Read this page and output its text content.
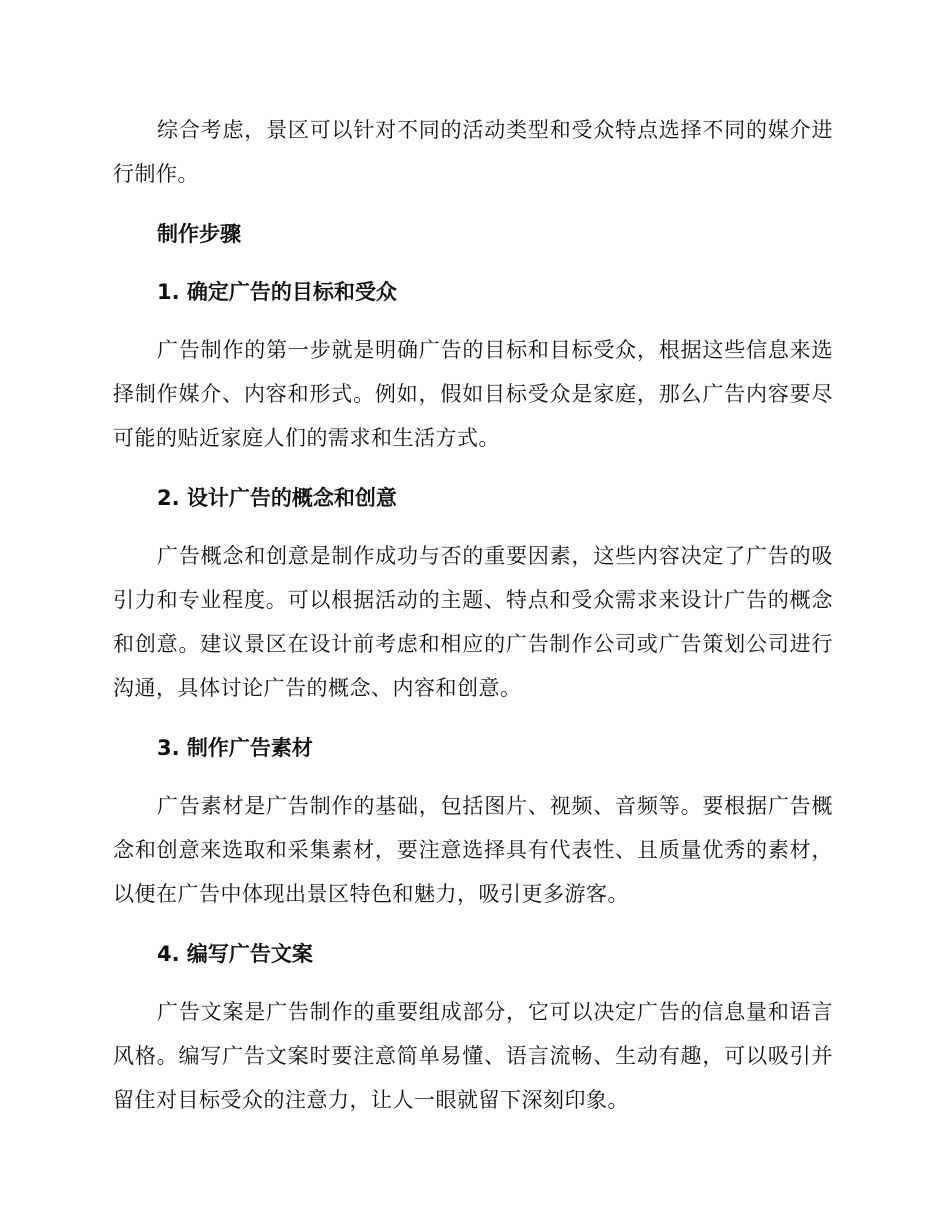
综合考虑，景区可以针对不同的活动类型和受众特点选择不同的媒介进行制作。

制作步骤
1. 确定广告的目标和受众

广告制作的第一步就是明确广告的目标和目标受众，根据这些信息来选择制作媒介、内容和形式。例如，假如目标受众是家庭，那么广告内容要尽可能的贴近家庭人们的需求和生活方式。

2. 设计广告的概念和创意

广告概念和创意是制作成功与否的重要因素，这些内容决定了广告的吸引力和专业程度。可以根据活动的主题、特点和受众需求来设计广告的概念和创意。建议景区在设计前考虑和相应的广告制作公司或广告策划公司进行沟通，具体讨论广告的概念、内容和创意。

3. 制作广告素材

广告素材是广告制作的基础，包括图片、视频、音频等。要根据广告概念和创意来选取和采集素材，要注意选择具有代表性、且质量优秀的素材，以便在广告中体现出景区特色和魅力，吸引更多游客。

4. 编写广告文案

广告文案是广告制作的重要组成部分，它可以决定广告的信息量和语言风格。编写广告文案时要注意简单易懂、语言流畅、生动有趣，可以吸引并留住对目标受众的注意力，让人一眼就留下深刻印象。
